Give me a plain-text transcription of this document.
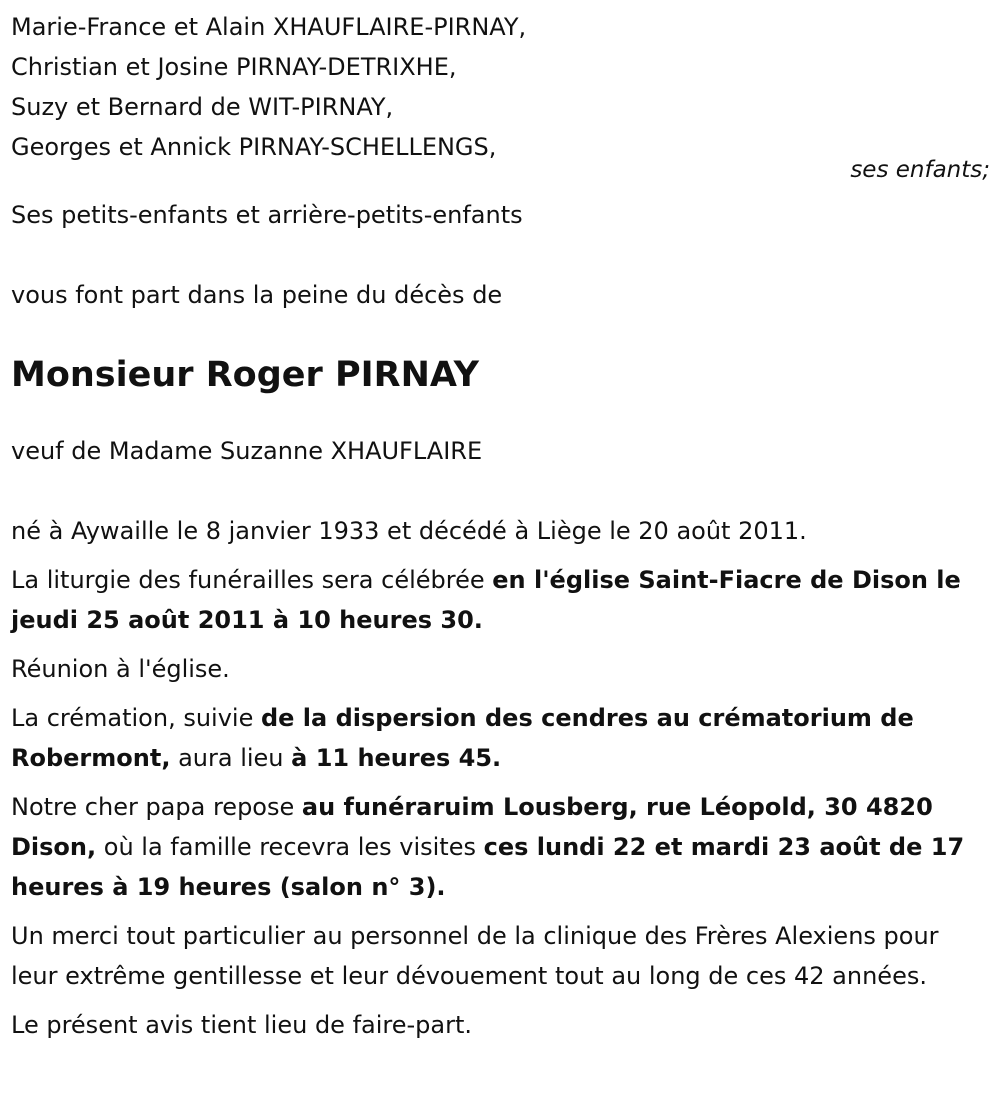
Marie-France et Alain XHAUFLAIRE-PIRNAY,
Christian et Josine PIRNAY-DETRIXHE,
Suzy et Bernard de WIT-PIRNAY,
Georges et Annick PIRNAY-SCHELLENGS,
ses enfants;
Ses petits-enfants et arrière-petits-enfants
vous font part dans la peine du décès de
Monsieur Roger PIRNAY
veuf de Madame Suzanne XHAUFLAIRE

né à Aywaille le 8 janvier 1933 et décédé à Liège le 20 août 2011.

La liturgie des funérailles sera célébrée en l'église Saint-Fiacre de Dison le jeudi 25 août 2011 à 10 heures 30.

Réunion à l'église.

La crémation, suivie de la dispersion des cendres au crématorium de Robermont, aura lieu à 11 heures 45.

Notre cher papa repose au funéraruim Lousberg, rue Léopold, 30 4820 Dison, où la famille recevra les visites ces lundi 22 et mardi 23 août de 17 heures à 19 heures (salon n° 3).

Un merci tout particulier au personnel de la clinique des Frères Alexiens pour leur extrême gentillesse et leur dévouement tout au long de ces 42 années.

Le présent avis tient lieu de faire-part.
